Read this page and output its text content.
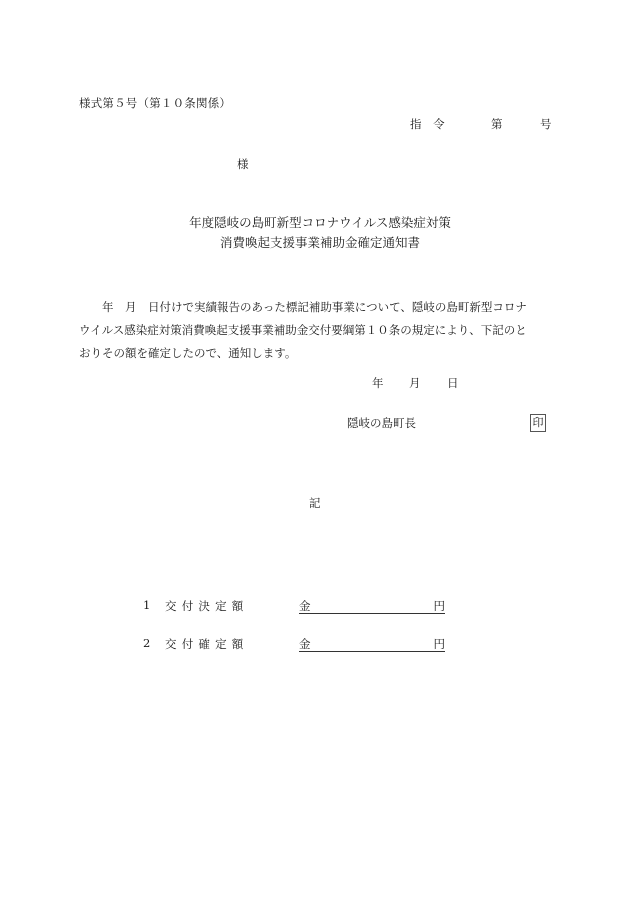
様式第５号（第１０条関係）
指 令	第	号
様
年度隠岐の島町新型コロナウイルス感染症対策
消費喚起支援事業補助金確定通知書
年　月　日付けで実績報告のあった標記補助事業について、隠岐の島町新型コロナ
ウイルス感染症対策消費喚起支援事業補助金交付要綱第１０条の規定により、下記のと
おりその額を確定したので、通知します。
年 月 日
隠岐の島町長	印
記
1 交付決定額	金	円
2 交付確定額	金	円
